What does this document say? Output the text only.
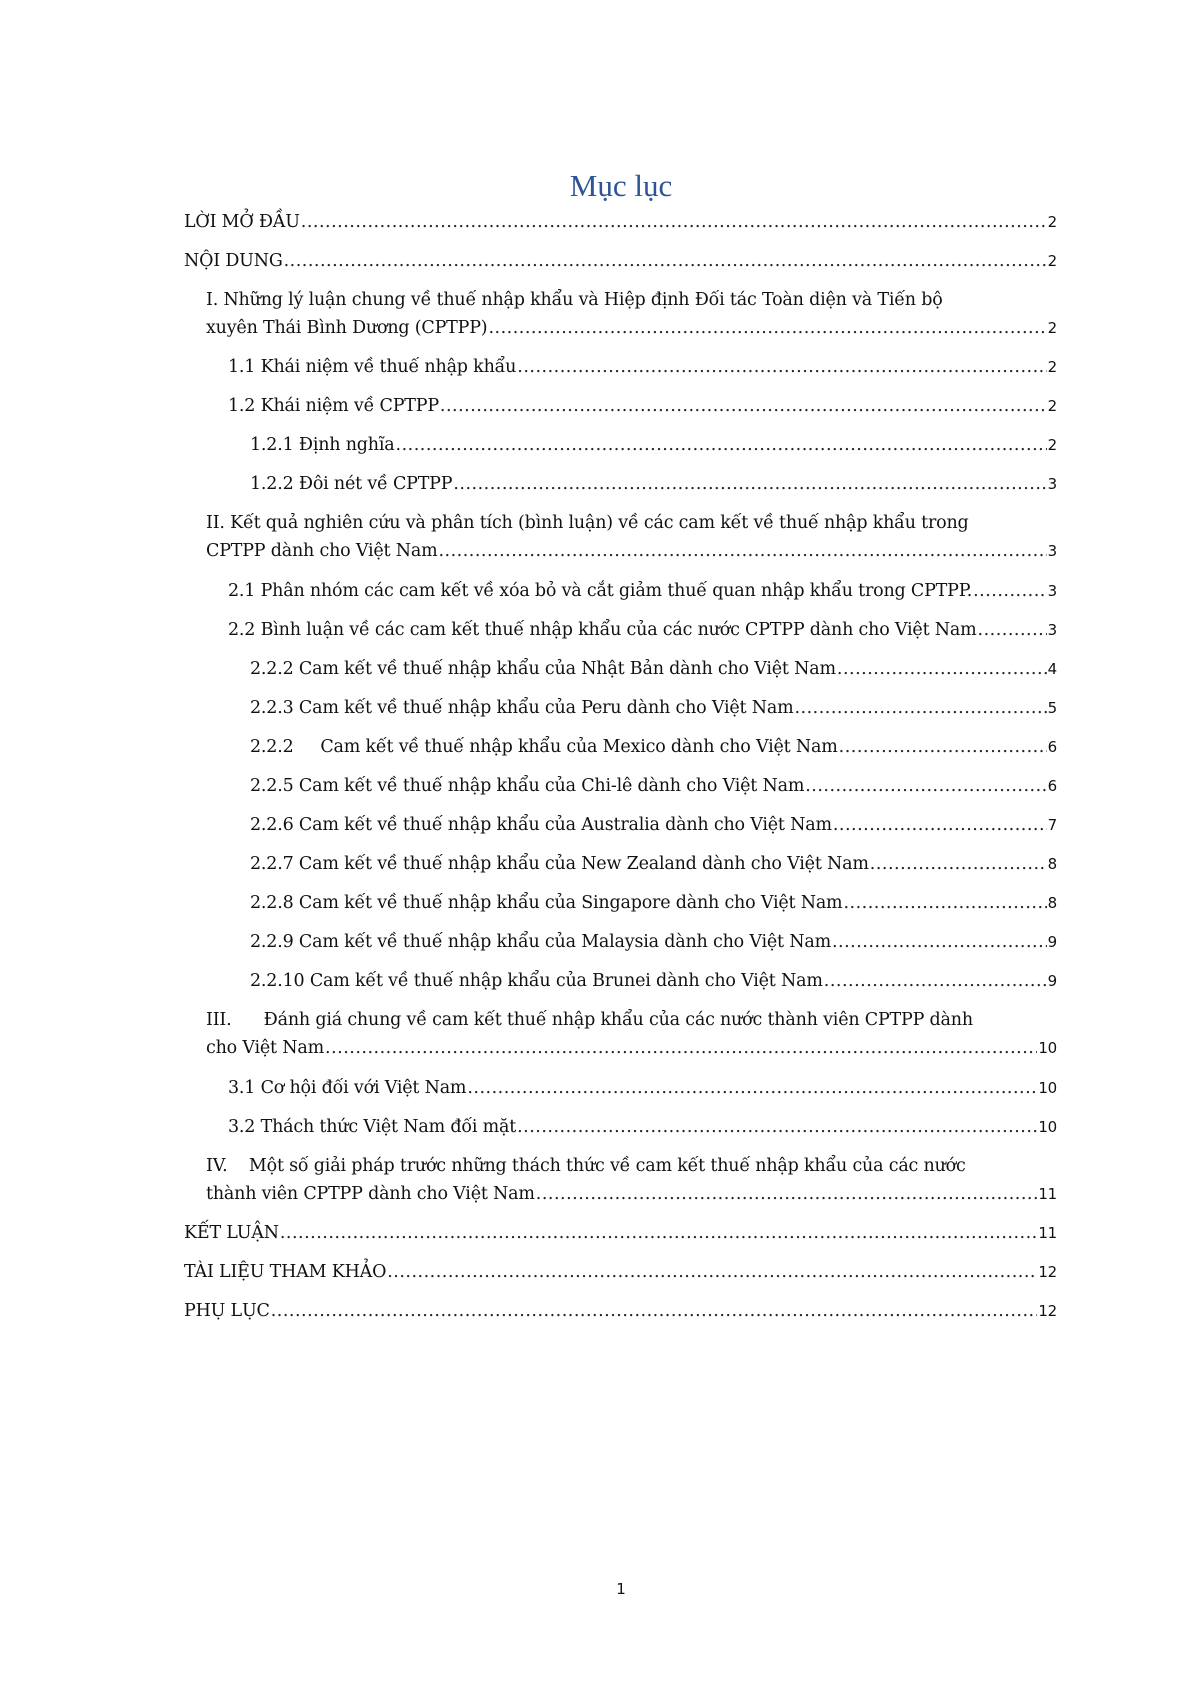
Mục lục
LỜI MỞ ĐẦU .....	2
NỘI DUNG .....	2
I. Những lý luận chung về thuế nhập khẩu và Hiệp định Đối tác Toàn diện và Tiến bộ
xuyên Thái Bình Dương (CPTPP) .....	2
1.1 Khái niệm về thuế nhập khẩu .....	2
1.2 Khái niệm về CPTPP .....	2
1.2.1 Định nghĩa .....	2
1.2.2 Đôi nét về CPTPP .....	3
II. Kết quả nghiên cứu và phân tích (bình luận) về các cam kết về thuế nhập khẩu trong
CPTPP dành cho Việt Nam .....	3
2.1 Phân nhóm các cam kết về xóa bỏ và cắt giảm thuế quan nhập khẩu trong CPTPP. .....	3
2.2 Bình luận về các cam kết thuế nhập khẩu của các nước CPTPP dành cho Việt Nam .....	3
2.2.2 Cam kết về thuế nhập khẩu của Nhật Bản dành cho Việt Nam .....	4
2.2.3 Cam kết về thuế nhập khẩu của Peru dành cho Việt Nam .....	5
2.2.2     Cam kết về thuế nhập khẩu của Mexico dành cho Việt Nam .....	6
2.2.5 Cam kết về thuế nhập khẩu của Chi-lê dành cho Việt Nam .....	6
2.2.6 Cam kết về thuế nhập khẩu của Australia dành cho Việt Nam .....	7
2.2.7 Cam kết về thuế nhập khẩu của New Zealand dành cho Việt Nam .....	8
2.2.8 Cam kết về thuế nhập khẩu của Singapore dành cho Việt Nam .....	8
2.2.9 Cam kết về thuế nhập khẩu của Malaysia dành cho Việt Nam .....	9
2.2.10 Cam kết về thuế nhập khẩu của Brunei dành cho Việt Nam .....	9
III.      Đánh giá chung về cam kết thuế nhập khẩu của các nước thành viên CPTPP dành
cho Việt Nam .....	10
3.1 Cơ hội đối với Việt Nam .....	10
3.2 Thách thức Việt Nam đối mặt .....	10
IV.    Một số giải pháp trước những thách thức về cam kết thuế nhập khẩu của các nước
thành viên CPTPP dành cho Việt Nam .....	11
KẾT LUẬN .....	11
TÀI LIỆU THAM KHẢO .....	12
PHỤ LỤC .....	12
1
